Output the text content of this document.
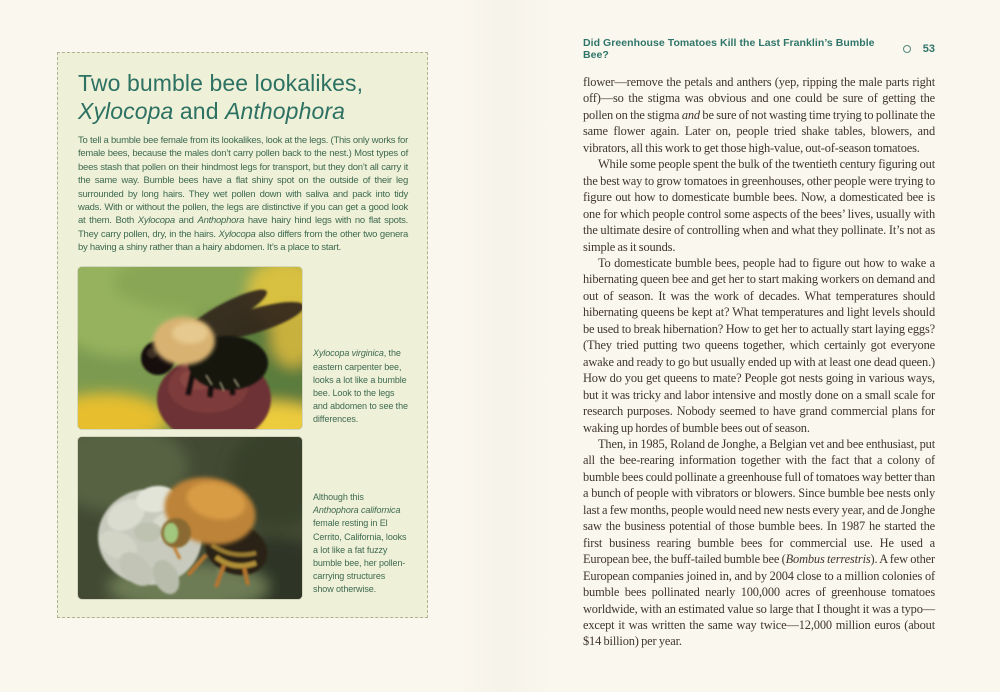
Two bumble bee lookalikes,
Xylocopa and Anthophora

To tell a bumble bee female from its lookalikes, look at the legs. (This only works for female bees, because the males don’t carry pollen back to the nest.) Most types of bees stash that pollen on their hindmost legs for transport, but they don’t all carry it the same way. Bumble bees have a flat shiny spot on the outside of their leg surrounded by long hairs. They wet pollen down with saliva and pack into tidy wads. With or without the pollen, the legs are distinctive if you can get a good look at them. Both Xylocopa and Anthophora have hairy hind legs with no flat spots. They carry pollen, dry, in the hairs. Xylocopa also differs from the other two genera by having a shiny rather than a hairy abdomen. It’s a place to start.

Xylocopa virginica, the eastern carpenter bee, looks a lot like a bumble bee. Look to the legs and abdomen to see the differences.
Although this Anthophora californica female resting in El Cerrito, California, looks a lot like a fat fuzzy bumble bee, her pollen-carrying structures show otherwise.
Did Greenhouse Tomatoes Kill the Last Franklin’s Bumble Bee?	53

flower—remove the petals and anthers (yep, ripping the male parts right off)—so the stigma was obvious and one could be sure of getting the pollen on the stigma and be sure of not wasting time trying to pollinate the same flower again. Later on, people tried shake tables, blowers, and vibrators, all this work to get those high-value, out-of-season tomatoes.

While some people spent the bulk of the twentieth century figuring out the best way to grow tomatoes in greenhouses, other people were trying to figure out how to domesticate bumble bees. Now, a domesticated bee is one for which people control some aspects of the bees’ lives, usually with the ultimate desire of controlling when and what they pollinate. It’s not as simple as it sounds.

To domesticate bumble bees, people had to figure out how to wake a hibernating queen bee and get her to start making workers on demand and out of season. It was the work of decades. What temperatures should hibernating queens be kept at? What temperatures and light levels should be used to break hibernation? How to get her to actually start laying eggs? (They tried putting two queens together, which certainly got everyone awake and ready to go but usually ended up with at least one dead queen.) How do you get queens to mate? People got nests going in various ways, but it was tricky and labor intensive and mostly done on a small scale for research purposes. Nobody seemed to have grand commercial plans for waking up hordes of bumble bees out of season.

Then, in 1985, Roland de Jonghe, a Belgian vet and bee enthusiast, put all the bee-rearing information together with the fact that a colony of bumble bees could pollinate a greenhouse full of tomatoes way better than a bunch of people with vibrators or blowers. Since bumble bee nests only last a few months, people would need new nests every year, and de Jonghe saw the business potential of those bumble bees. In 1987 he started the first business rearing bumble bees for commercial use. He used a European bee, the buff-tailed bumble bee (Bombus terrestris). A few other European companies joined in, and by 2004 close to a million colonies of bumble bees pollinated nearly 100,000 acres of greenhouse tomatoes worldwide, with an estimated value so large that I thought it was a typo—except it was written the same way twice—12,000 million euros (about $14 billion) per year.
